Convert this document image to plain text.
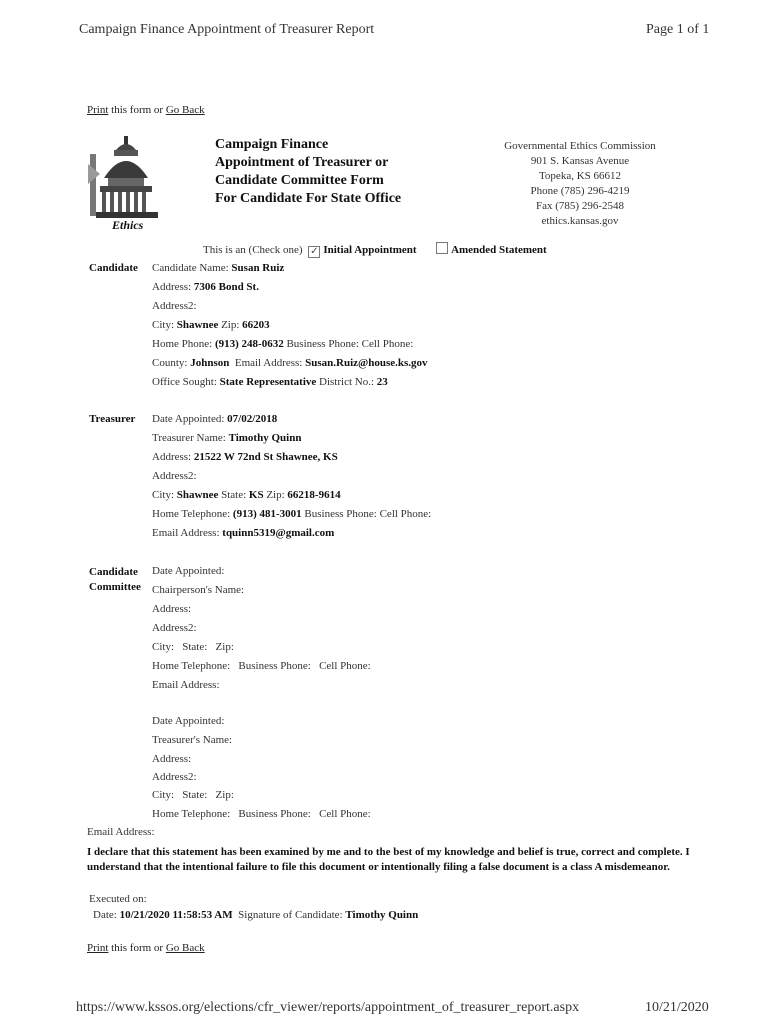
Campaign Finance Appointment of Treasurer Report	Page 1 of 1
Print this form or Go Back
Ethics
Campaign Finance
Appointment of Treasurer or
Candidate Committee Form
For Candidate For State Office
Governmental Ethics Commission
901 S. Kansas Avenue
Topeka, KS 66612
Phone (785) 296-4219
Fax (785) 296-2548
ethics.kansas.gov
This is an (Check one) ✓ Initial Appointment	Amended Statement
Candidate Candidate Name: Susan Ruiz
Address: 7306 Bond St.
Address2:
City: Shawnee Zip: 66203
Home Phone: (913) 248-0632 Business Phone: Cell Phone:
County: Johnson Email Address: Susan.Ruiz@house.ks.gov
Office Sought: State Representative District No.: 23
Treasurer Date Appointed: 07/02/2018
Treasurer Name: Timothy Quinn
Address: 21522 W 72nd St Shawnee, KS
Address2:
City: Shawnee State: KS Zip: 66218-9614
Home Telephone: (913) 481-3001 Business Phone: Cell Phone:
Email Address: tquinn5319@gmail.com
Candidate
Committee
Date Appointed:
Chairperson's Name:
Address:
Address2:
City:   State:   Zip:
Home Telephone:   Business Phone:   Cell Phone:
Email Address:
Date Appointed:
Treasurer's Name:
Address:
Address2:
City:   State:   Zip:
Home Telephone:   Business Phone:   Cell Phone:
Email Address:
I declare that this statement has been examined by me and to the best of my knowledge and belief is true, correct and complete. I understand that the intentional failure to file this document or intentionally filing a false document is a class A misdemeanor.
Executed on:
Date: 10/21/2020 11:58:53 AM Signature of Candidate: Timothy Quinn
Print this form or Go Back
https://www.kssos.org/elections/cfr_viewer/reports/appointment_of_treasurer_report.aspx	10/21/2020
